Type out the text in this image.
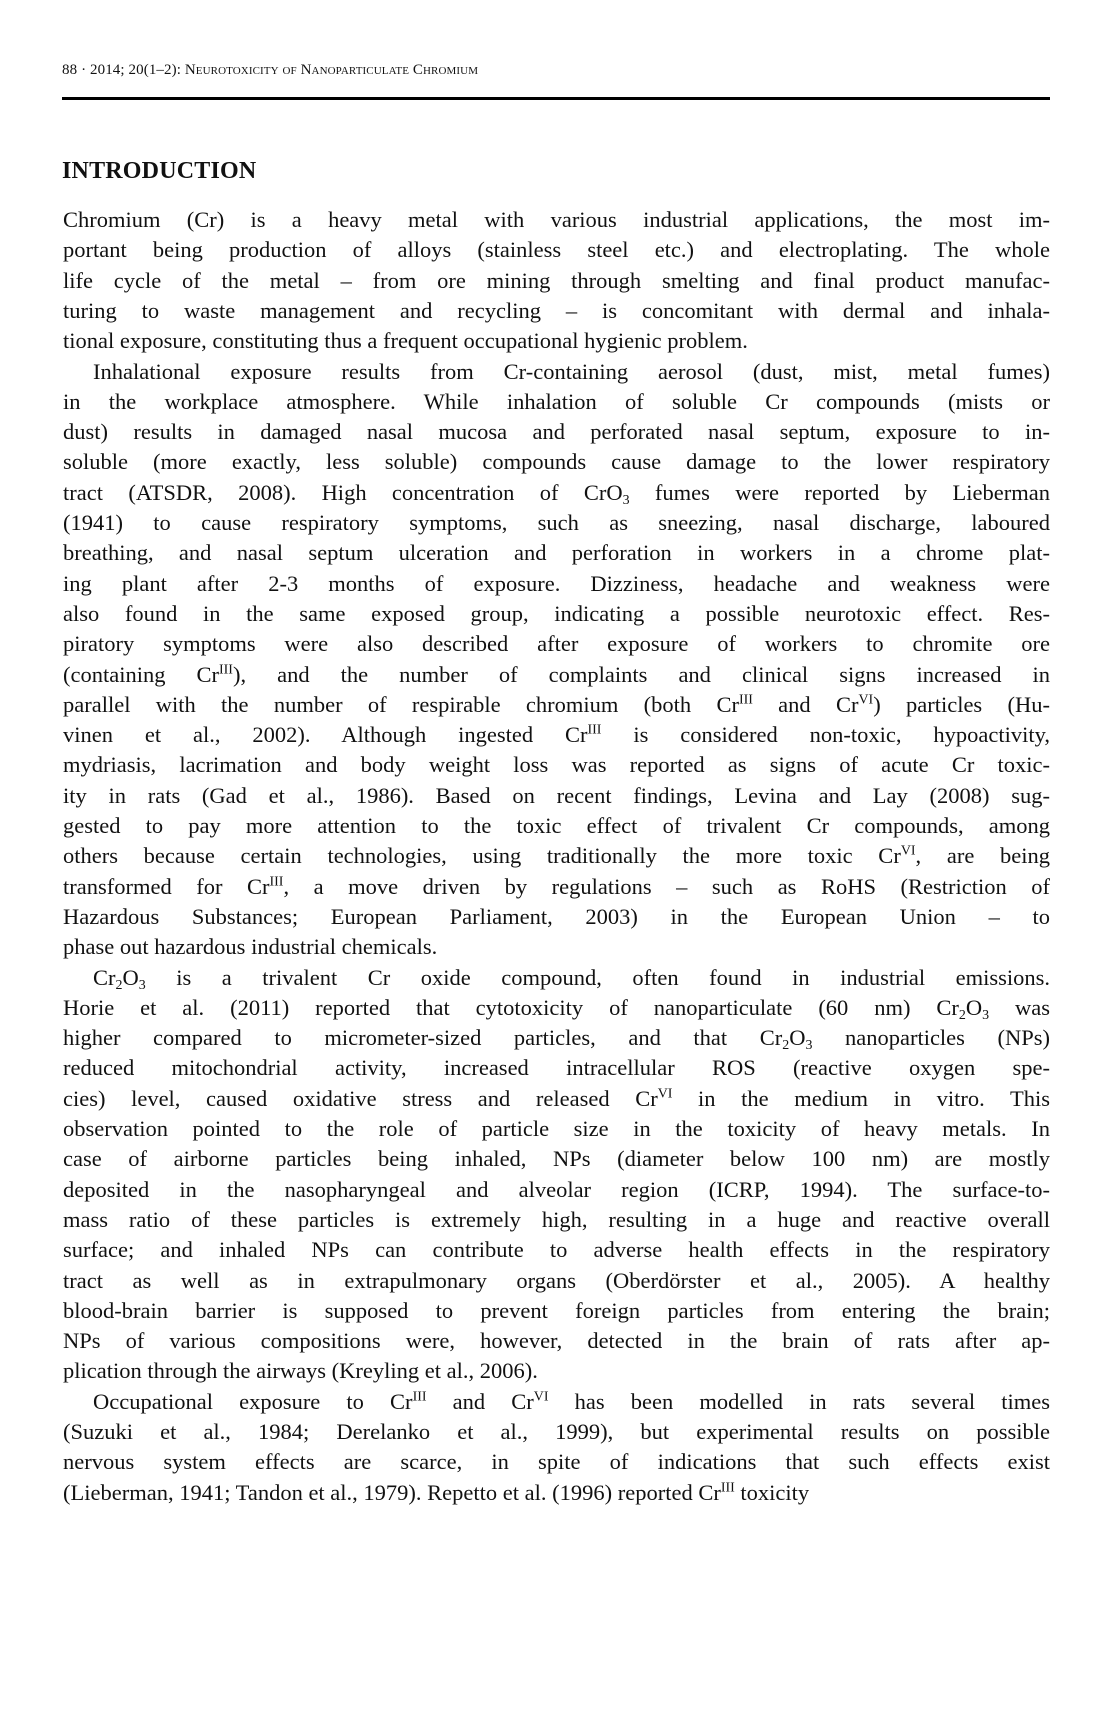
88 · 2014; 20(1–2): Neurotoxicity of Nanoparticulate Chromium
INTRODUCTION
Chromium (Cr) is a heavy metal with various industrial applications, the most im-
portant being production of alloys (stainless steel etc.) and electroplating. The whole
life cycle of the metal – from ore mining through smelting and final product manufac-
turing to waste management and recycling – is concomitant with dermal and inhala-
tional exposure, constituting thus a frequent occupational hygienic problem.
Inhalational exposure results from Cr-containing aerosol (dust, mist, metal fumes)
in the workplace atmosphere. While inhalation of soluble Cr compounds (mists or
dust) results in damaged nasal mucosa and perforated nasal septum, exposure to in-
soluble (more exactly, less soluble) compounds cause damage to the lower respiratory
tract (ATSDR, 2008). High concentration of CrO$_3$ fumes were reported by Lieberman
(1941) to cause respiratory symptoms, such as sneezing, nasal discharge, laboured
breathing, and nasal septum ulceration and perforation in workers in a chrome plat-
ing plant after 2-3 months of exposure. Dizziness, headache and weakness were
also found in the same exposed group, indicating a possible neurotoxic effect. Res-
piratory symptoms were also described after exposure of workers to chromite ore
(containing $Cr^{III}$), and the number of complaints and clinical signs increased in
parallel with the number of respirable chromium (both $Cr^{III}$ and $Cr^{VI}$) particles (Hu-
vinen et al., 2002). Although ingested $Cr^{III}$ is considered non-toxic, hypoactivity,
mydriasis, lacrimation and body weight loss was reported as signs of acute Cr toxic-
ity in rats (Gad et al., 1986). Based on recent findings, Levina and Lay (2008) sug-
gested to pay more attention to the toxic effect of trivalent Cr compounds, among
others because certain technologies, using traditionally the more toxic $Cr^{VI}$, are being
transformed for $Cr^{III}$, a move driven by regulations – such as RoHS (Restriction of
Hazardous Substances; European Parliament, 2003) in the European Union – to
phase out hazardous industrial chemicals.
$Cr_2O_3$ is a trivalent Cr oxide compound, often found in industrial emissions.
Horie et al. (2011) reported that cytotoxicity of nanoparticulate (60 nm) $Cr_2O_3$ was
higher compared to micrometer-sized particles, and that $Cr_2O_3$ nanoparticles (NPs)
reduced mitochondrial activity, increased intracellular ROS (reactive oxygen spe-
cies) level, caused oxidative stress and released $Cr^{VI}$ in the medium in vitro. This
observation pointed to the role of particle size in the toxicity of heavy metals. In
case of airborne particles being inhaled, NPs (diameter below 100 nm) are mostly
deposited in the nasopharyngeal and alveolar region (ICRP, 1994). The surface-to-
mass ratio of these particles is extremely high, resulting in a huge and reactive overall
surface; and inhaled NPs can contribute to adverse health effects in the respiratory
tract as well as in extrapulmonary organs (Oberdörster et al., 2005). A healthy
blood-brain barrier is supposed to prevent foreign particles from entering the brain;
NPs of various compositions were, however, detected in the brain of rats after ap-
plication through the airways (Kreyling et al., 2006).
Occupational exposure to $Cr^{III}$ and $Cr^{VI}$ has been modelled in rats several times
(Suzuki et al., 1984; Derelanko et al., 1999), but experimental results on possible
nervous system effects are scarce, in spite of indications that such effects exist
(Lieberman, 1941; Tandon et al., 1979). Repetto et al. (1996) reported $Cr^{III}$ toxicity
